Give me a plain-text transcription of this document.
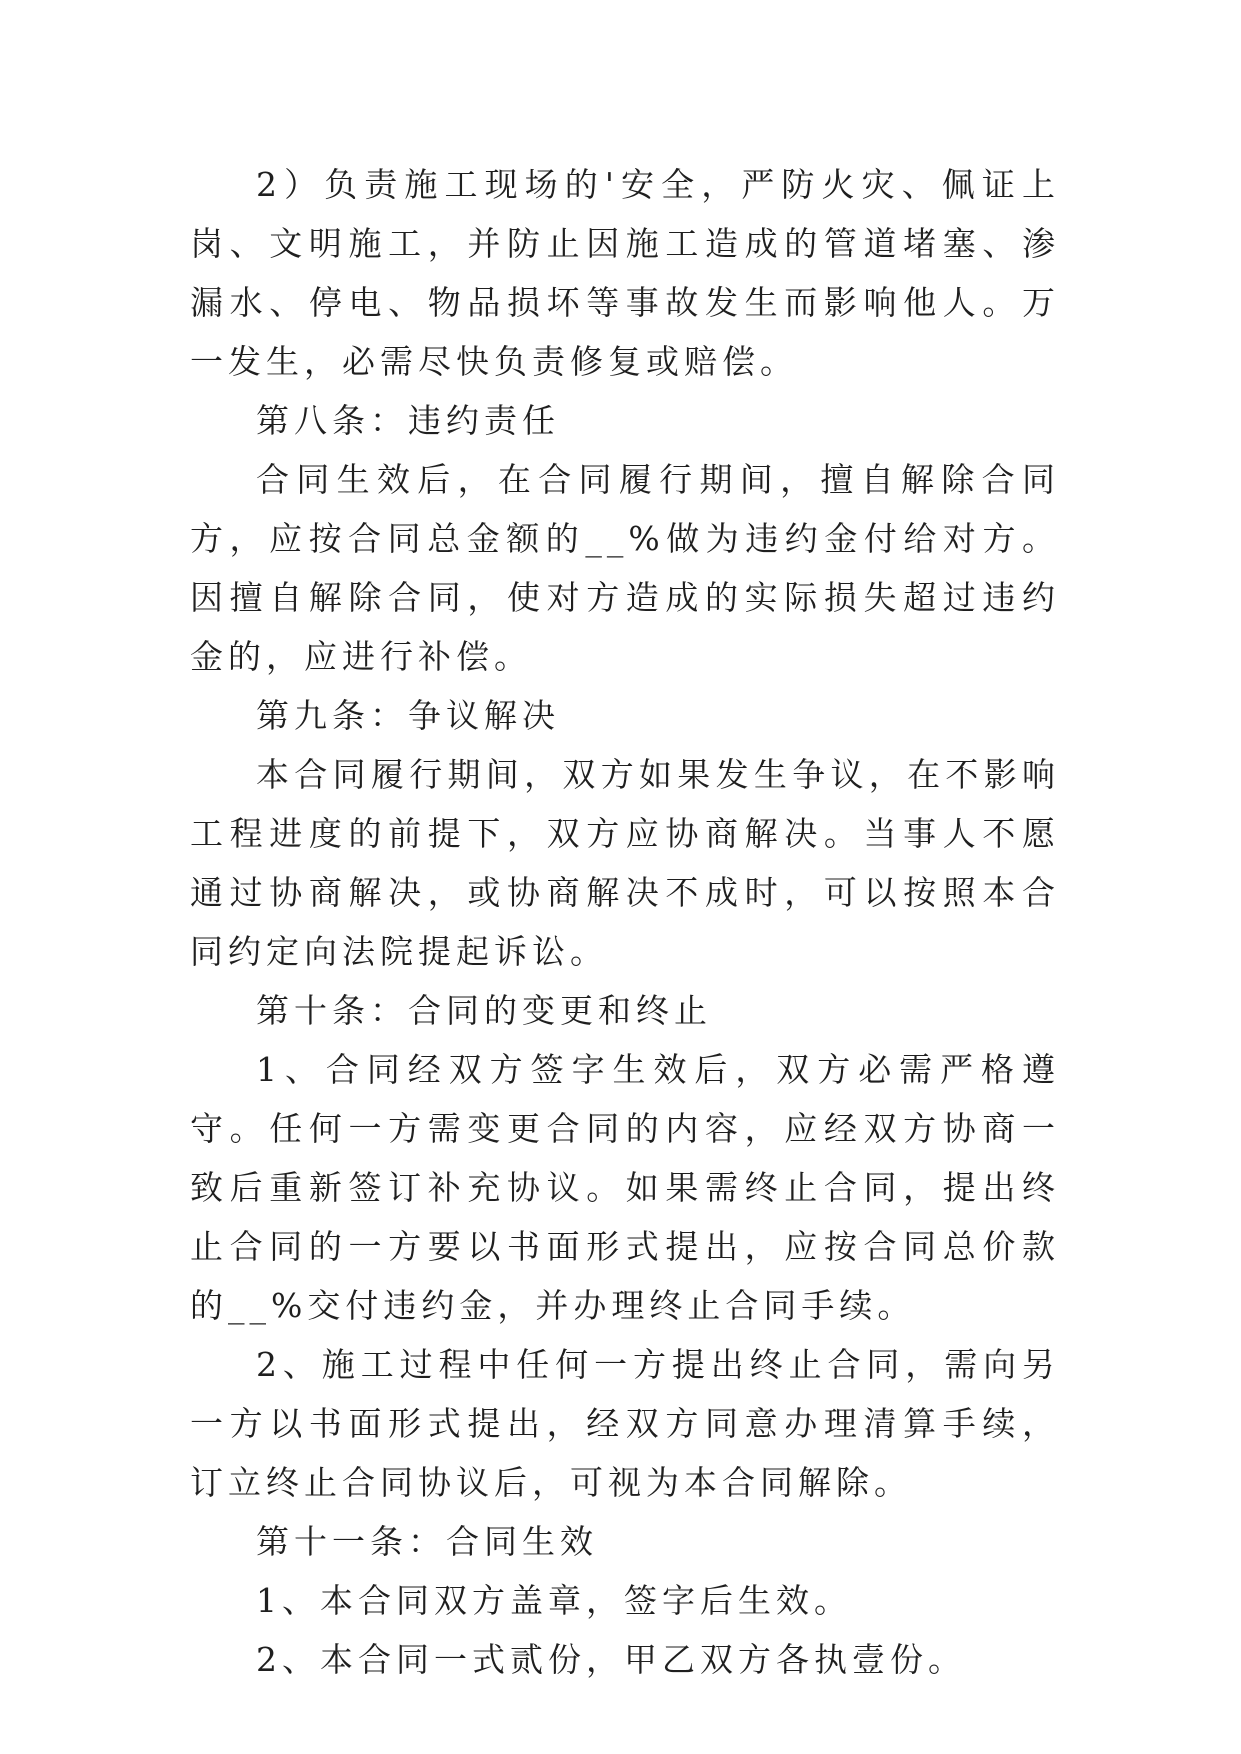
2）负责施工现场的'安全，严防火灾、佩证上岗、文明施工，并防止因施工造成的管道堵塞、渗漏水、停电、物品损坏等事故发生而影响他人。万一发生，必需尽快负责修复或赔偿。

第八条：违约责任

合同生效后，在合同履行期间，擅自解除合同方，应按合同总金额的__%做为违约金付给对方。因擅自解除合同，使对方造成的实际损失超过违约金的，应进行补偿。

第九条：争议解决

本合同履行期间，双方如果发生争议，在不影响工程进度的前提下，双方应协商解决。当事人不愿通过协商解决，或协商解决不成时，可以按照本合同约定向法院提起诉讼。

第十条：合同的变更和终止

1、合同经双方签字生效后，双方必需严格遵守。任何一方需变更合同的内容，应经双方协商一致后重新签订补充协议。如果需终止合同，提出终止合同的一方要以书面形式提出，应按合同总价款的__%交付违约金，并办理终止合同手续。

2、施工过程中任何一方提出终止合同，需向另一方以书面形式提出，经双方同意办理清算手续，订立终止合同协议后，可视为本合同解除。

第十一条：合同生效

1、本合同双方盖章，签字后生效。

2、本合同一式贰份，甲乙双方各执壹份。
